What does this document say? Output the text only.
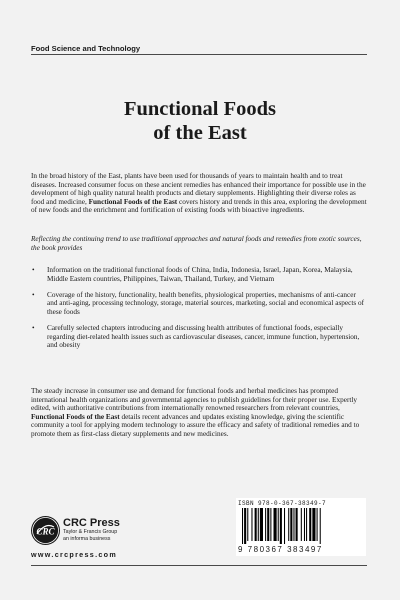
Food Science and Technology
Functional Foods
of the East

In the broad history of the East, plants have been used for thousands of years to maintain health and to treat diseases. Increased consumer focus on these ancient remedies has enhanced their importance for possible use in the development of high quality natural health products and dietary supplements. Highlighting their diverse roles as food and medicine, Functional Foods of the East covers history and trends in this area, exploring the development of new foods and the enrichment and fortification of existing foods with bioactive ingredients.

Reflecting the continuing trend to use traditional approaches and natural foods and remedies from exotic sources, the book provides

• Information on the traditional functional foods of China, India, Indonesia, Israel, Japan, Korea, Malaysia, Middle Eastern countries, Philippines, Taiwan, Thailand, Turkey, and Vietnam
• Coverage of the history, functionality, health benefits, physiological properties, mechanisms of anti-cancer and anti-aging, processing technology, storage, material sources, marketing, social and economical aspects of these foods
• Carefully selected chapters introducing and discussing health attributes of functional foods, especially regarding diet-related health issues such as cardiovascular diseases, cancer, immune function, hypertension, and obesity

The steady increase in consumer use and demand for functional foods and herbal medicines has prompted international health organizations and governmental agencies to publish guidelines for their proper use. Expertly edited, with authoritative contributions from internationally renowned researchers from relevant countries, Functional Foods of the East details recent advances and updates existing knowledge, giving the scientific community a tool for applying modern technology to assure the efficacy and safety of traditional remedies and to promote them as first-class dietary supplements and new medicines.

CRC
CRC Press
Taylor & Francis Group
an informa business
www.crcpress.com
ISBN 978-0-367-38349-7
9 780367 383497
